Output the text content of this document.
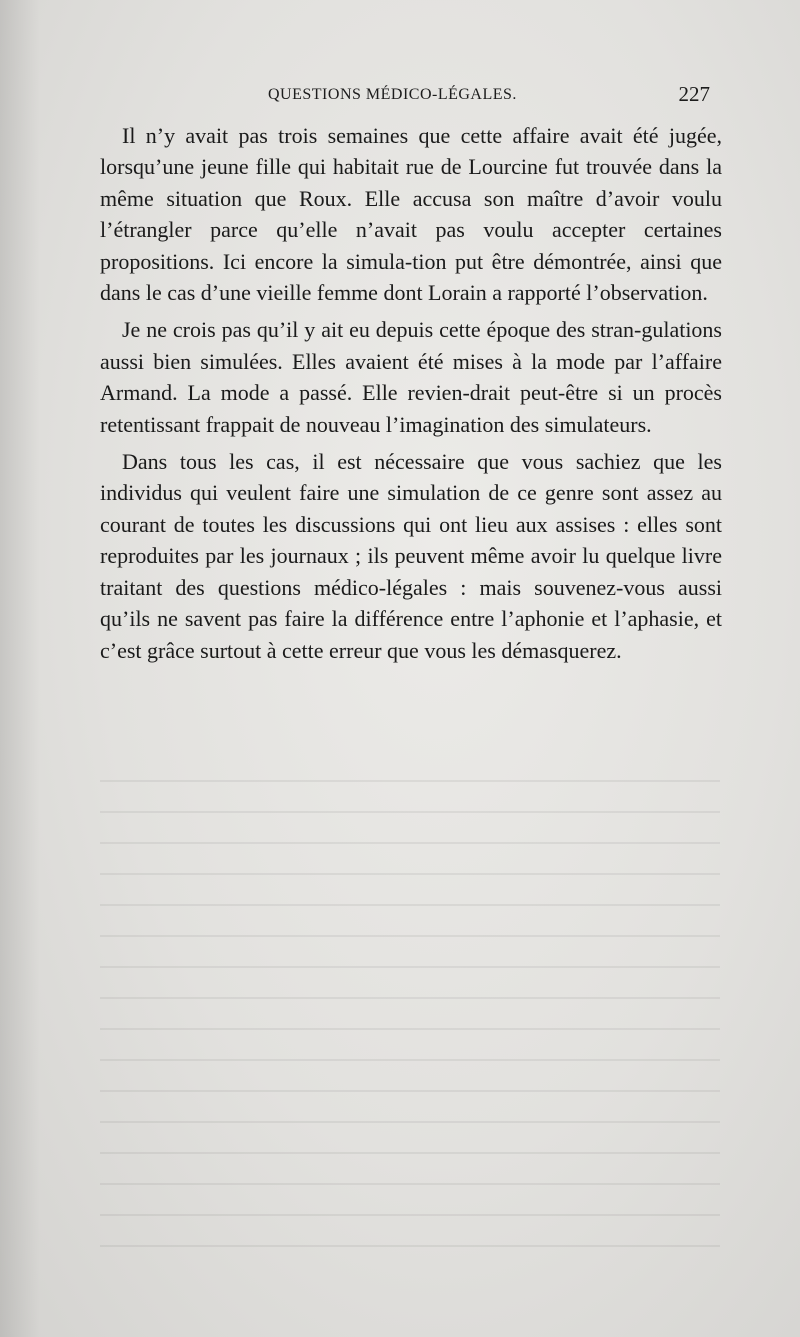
QUESTIONS MÉDICO-LÉGALES.	227

Il n’y avait pas trois semaines que cette affaire avait été jugée, lorsqu’une jeune fille qui habitait rue de Lourcine fut trouvée dans la même situation que Roux. Elle accusa son maître d’avoir voulu l’étrangler parce qu’elle n’avait pas voulu accepter certaines propositions. Ici encore la simula-tion put être démontrée, ainsi que dans le cas d’une vieille femme dont Lorain a rapporté l’observation.

Je ne crois pas qu’il y ait eu depuis cette époque des stran-gulations aussi bien simulées. Elles avaient été mises à la mode par l’affaire Armand. La mode a passé. Elle revien-drait peut-être si un procès retentissant frappait de nouveau l’imagination des simulateurs.

Dans tous les cas, il est nécessaire que vous sachiez que les individus qui veulent faire une simulation de ce genre sont assez au courant de toutes les discussions qui ont lieu aux assises : elles sont reproduites par les journaux ; ils peuvent même avoir lu quelque livre traitant des questions médico-légales : mais souvenez-vous aussi qu’ils ne savent pas faire la différence entre l’aphonie et l’aphasie, et c’est grâce surtout à cette erreur que vous les démasquerez.
